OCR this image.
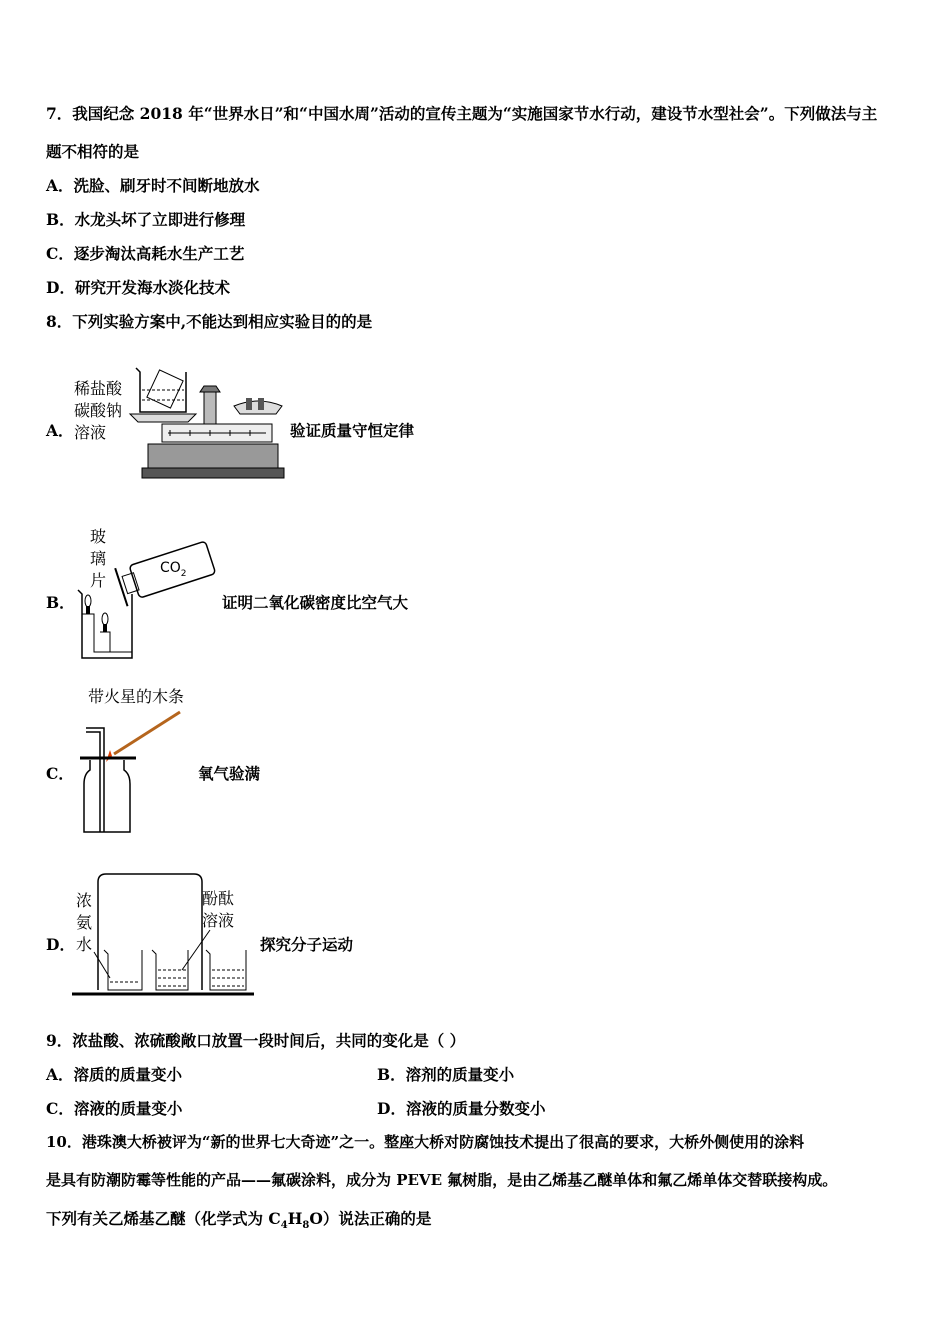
7．我国纪念 2018 年“世界水日”和“中国水周”活动的宣传主题为“实施国家节水行动，建设节水型社会”。下列做法与主
题不相符的是
A．洗脸、刷牙时不间断地放水
B．水龙头坏了立即进行修理
C．逐步淘汰高耗水生产工艺
D．研究开发海水淡化技术
8．下列实验方案中,不能达到相应实验目的的是
A．
稀盐酸
碳酸钠
溶液	验证质量守恒定律
B．
玻
璃
片
$CO_2$
证明二氧化碳密度比空气大
C．
带火星的木条
氧气验满
D．
浓
氨
水
酚酞
溶液
探究分子运动
9．浓盐酸、浓硫酸敞口放置一段时间后，共同的变化是（ ）
A．溶质的质量变小	B．溶剂的质量变小
C．溶液的质量变小	D．溶液的质量分数变小
10．港珠澳大桥被评为“新的世界七大奇迹”之一。整座大桥对防腐蚀技术提出了很高的要求，大桥外侧使用的涂料
是具有防潮防霉等性能的产品——氟碳涂料，成分为 PEVE 氟树脂，是由乙烯基乙醚单体和氟乙烯单体交替联接构成。
下列有关乙烯基乙醚（化学式为 $C_4H_8O$）说法正确的是
